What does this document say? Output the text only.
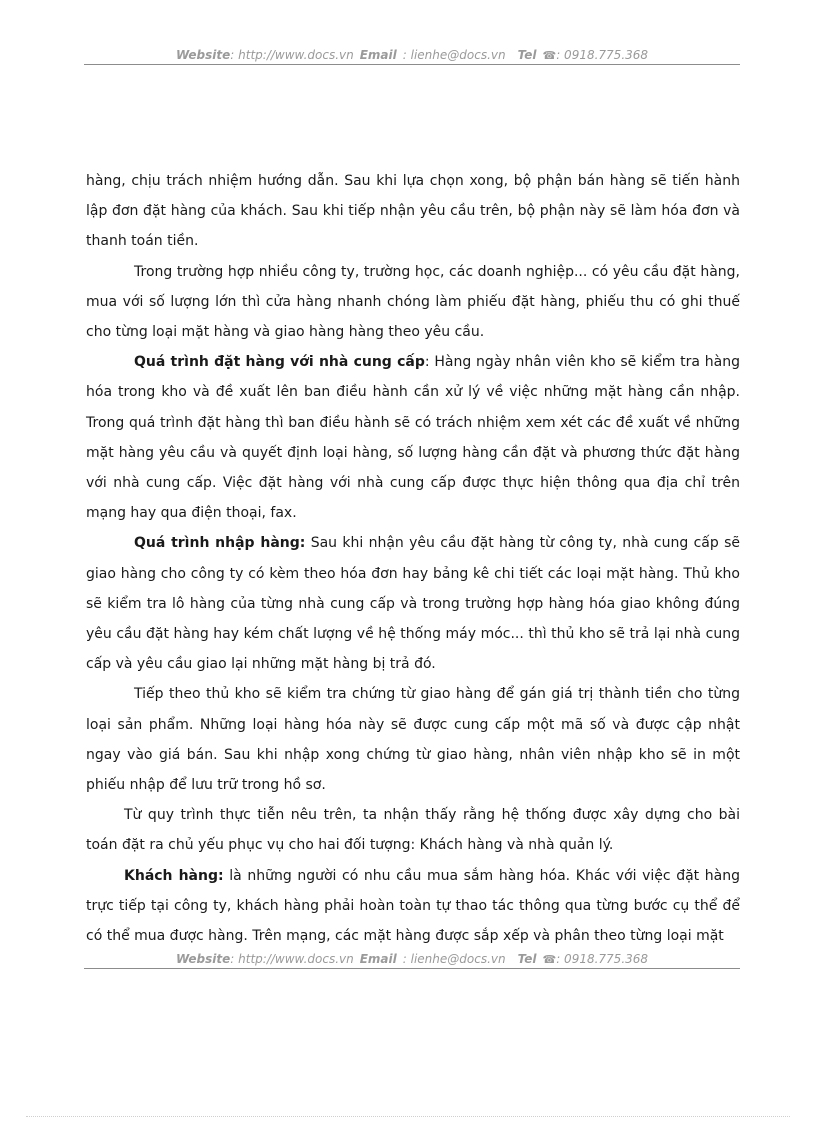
Website: http://www.docs.vn Email : lienhe@docs.vn Tel ☎: 0918.775.368

hàng, chịu trách nhiệm hướng dẫn. Sau khi lựa chọn xong, bộ phận bán hàng sẽ tiến hành lập đơn đặt hàng của khách. Sau khi tiếp nhận yêu cầu trên, bộ phận này sẽ làm hóa đơn và thanh toán tiền.

Trong trường hợp nhiều công ty, trường học, các doanh nghiệp... có yêu cầu đặt hàng, mua với số lượng lớn thì cửa hàng nhanh chóng làm phiếu đặt hàng, phiếu thu có ghi thuế cho từng loại mặt hàng và giao hàng hàng theo yêu cầu.

Quá trình đặt hàng với nhà cung cấp: Hàng ngày nhân viên kho sẽ kiểm tra hàng hóa trong kho và đề xuất lên ban điều hành cần xử lý về việc những mặt hàng cần nhập. Trong quá trình đặt hàng thì ban điều hành sẽ có trách nhiệm xem xét các đề xuất về những mặt hàng yêu cầu và quyết định loại hàng, số lượng hàng cần đặt và phương thức đặt hàng với nhà cung cấp. Việc đặt hàng với nhà cung cấp được thực hiện thông qua địa chỉ trên mạng hay qua điện thoại, fax.

Quá trình nhập hàng: Sau khi nhận yêu cầu đặt hàng từ công ty, nhà cung cấp sẽ giao hàng cho công ty có kèm theo hóa đơn hay bảng kê chi tiết các loại mặt hàng. Thủ kho sẽ kiểm tra lô hàng của từng nhà cung cấp và trong trường hợp hàng hóa giao không đúng yêu cầu đặt hàng hay kém chất lượng về hệ thống máy móc... thì thủ kho sẽ trả lại nhà cung cấp và yêu cầu giao lại những mặt hàng bị trả đó.

Tiếp theo thủ kho sẽ kiểm tra chứng từ giao hàng để gán giá trị thành tiền cho từng loại sản phẩm. Những loại hàng hóa này sẽ được cung cấp một mã số và được cập nhật ngay vào giá bán. Sau khi nhập xong chứng từ giao hàng, nhân viên nhập kho sẽ in một phiếu nhập để lưu trữ trong hồ sơ.

Từ quy trình thực tiễn nêu trên, ta nhận thấy rằng hệ thống được xây dựng cho bài toán đặt ra chủ yếu phục vụ cho hai đối tượng: Khách hàng và nhà quản lý.

Khách hàng: là những người có nhu cầu mua sắm hàng hóa. Khác với việc đặt hàng trực tiếp tại công ty, khách hàng phải hoàn toàn tự thao tác thông qua từng bước cụ thể để có thể mua được hàng. Trên mạng, các mặt hàng được sắp xếp và phân theo từng loại mặt

Website: http://www.docs.vn Email : lienhe@docs.vn Tel ☎: 0918.775.368
